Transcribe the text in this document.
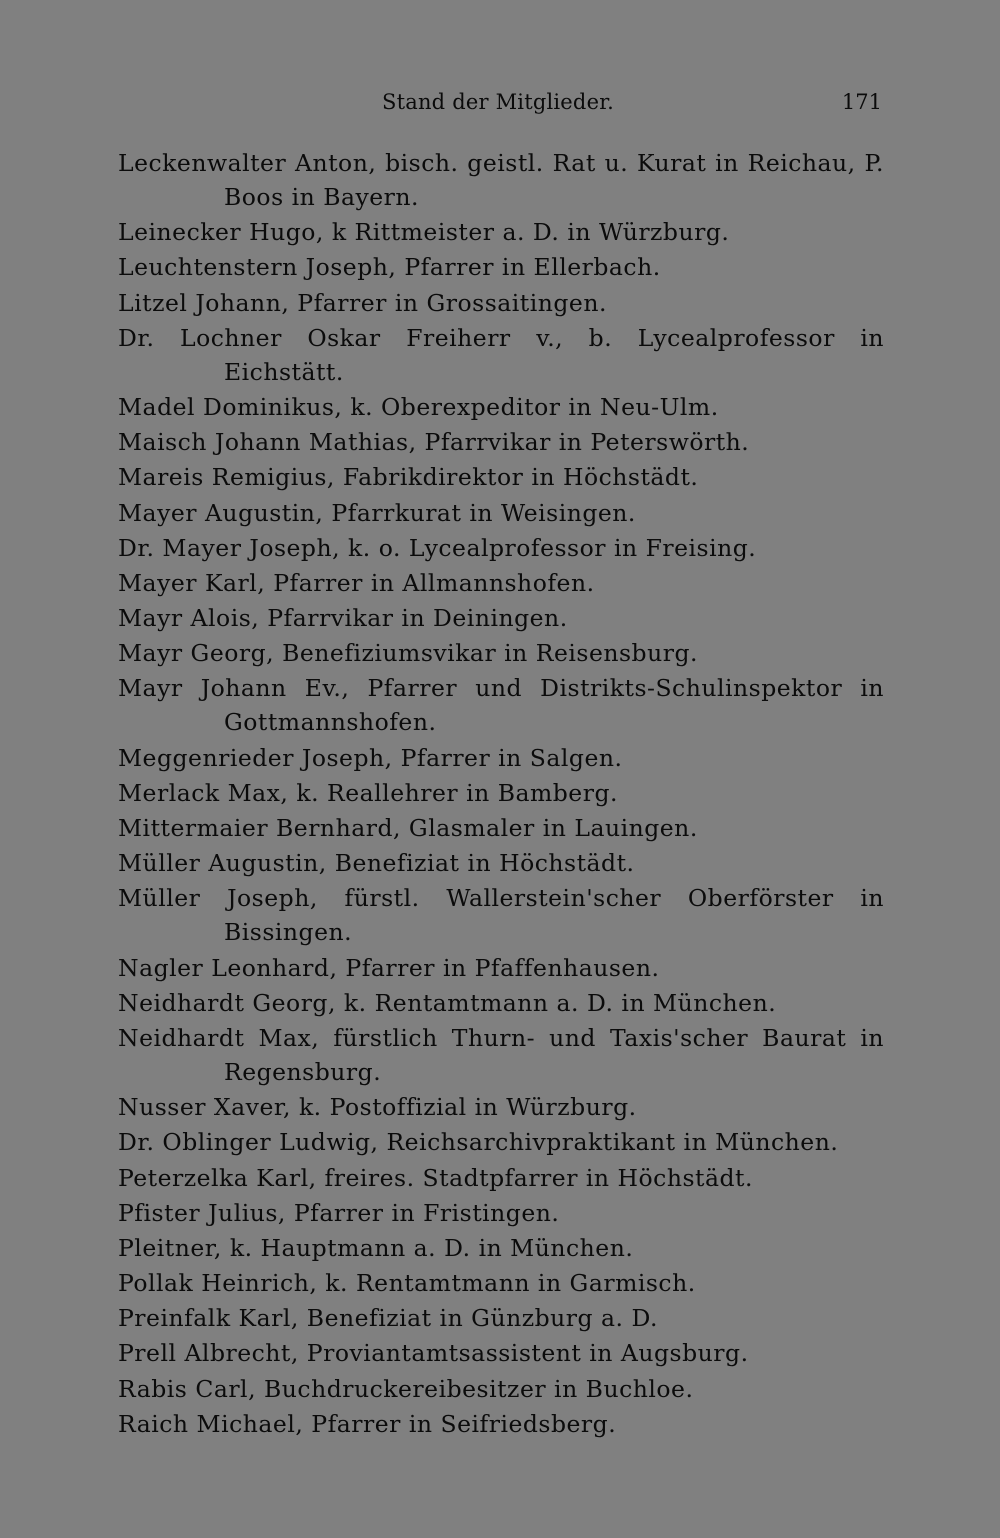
Stand der Mitglieder.	171
Leckenwalter Anton, bisch. geistl. Rat u. Kurat in Reichau, P. Boos in Bayern.
Leinecker Hugo, k Rittmeister a. D. in Würzburg.
Leuchtenstern Joseph, Pfarrer in Ellerbach.
Litzel Johann, Pfarrer in Grossaitingen.
Dr. Lochner Oskar Freiherr v., b. Lycealprofessor in Eichstätt.
Madel Dominikus, k. Oberexpeditor in Neu-Ulm.
Maisch Johann Mathias, Pfarrvikar in Peterswörth.
Mareis Remigius, Fabrikdirektor in Höchstädt.
Mayer Augustin, Pfarrkurat in Weisingen.
Dr. Mayer Joseph, k. o. Lycealprofessor in Freising.
Mayer Karl, Pfarrer in Allmannshofen.
Mayr Alois, Pfarrvikar in Deiningen.
Mayr Georg, Benefiziumsvikar in Reisensburg.
Mayr Johann Ev., Pfarrer und Distrikts-Schulinspektor in Gottmannshofen.
Meggenrieder Joseph, Pfarrer in Salgen.
Merlack Max, k. Reallehrer in Bamberg.
Mittermaier Bernhard, Glasmaler in Lauingen.
Müller Augustin, Benefiziat in Höchstädt.
Müller Joseph, fürstl. Wallerstein'scher Oberförster in Bissingen.
Nagler Leonhard, Pfarrer in Pfaffenhausen.
Neidhardt Georg, k. Rentamtmann a. D. in München.
Neidhardt Max, fürstlich Thurn- und Taxis'scher Baurat in Regensburg.
Nusser Xaver, k. Postoffizial in Würzburg.
Dr. Oblinger Ludwig, Reichsarchivpraktikant in München.
Peterzelka Karl, freires. Stadtpfarrer in Höchstädt.
Pfister Julius, Pfarrer in Fristingen.
Pleitner, k. Hauptmann a. D. in München.
Pollak Heinrich, k. Rentamtmann in Garmisch.
Preinfalk Karl, Benefiziat in Günzburg a. D.
Prell Albrecht, Proviantamtsassistent in Augsburg.
Rabis Carl, Buchdruckereibesitzer in Buchloe.
Raich Michael, Pfarrer in Seifriedsberg.
